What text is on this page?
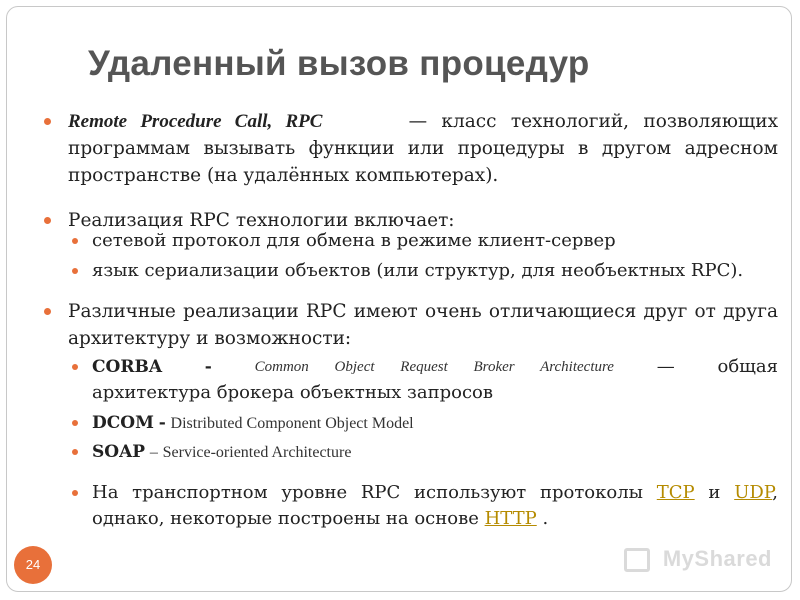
Удаленный вызов процедур
Remote Procedure Call, RPC	— класс технологий, позволяющих программам вызывать функции или процедуры в другом адресном пространстве (на удалённых компьютерах).
Реализация RPC технологии включает:
сетевой протокол для обмена в режиме клиент-сервер
язык сериализации объектов (или структур, для необъектных RPC).
Различные реализации RPC имеют очень отличающиеся друг от друга архитектуру и возможности:
CORBA	-	Common Object Request Broker Architecture — общая
архитектура брокера объектных запросов
DCOM - Distributed Component Object Model
SOAP – Service-oriented Architecture
На транспортном уровне RPC используют протоколы TCP и UDP, однако, некоторые построены на основе HTTP .
MyShared
24
